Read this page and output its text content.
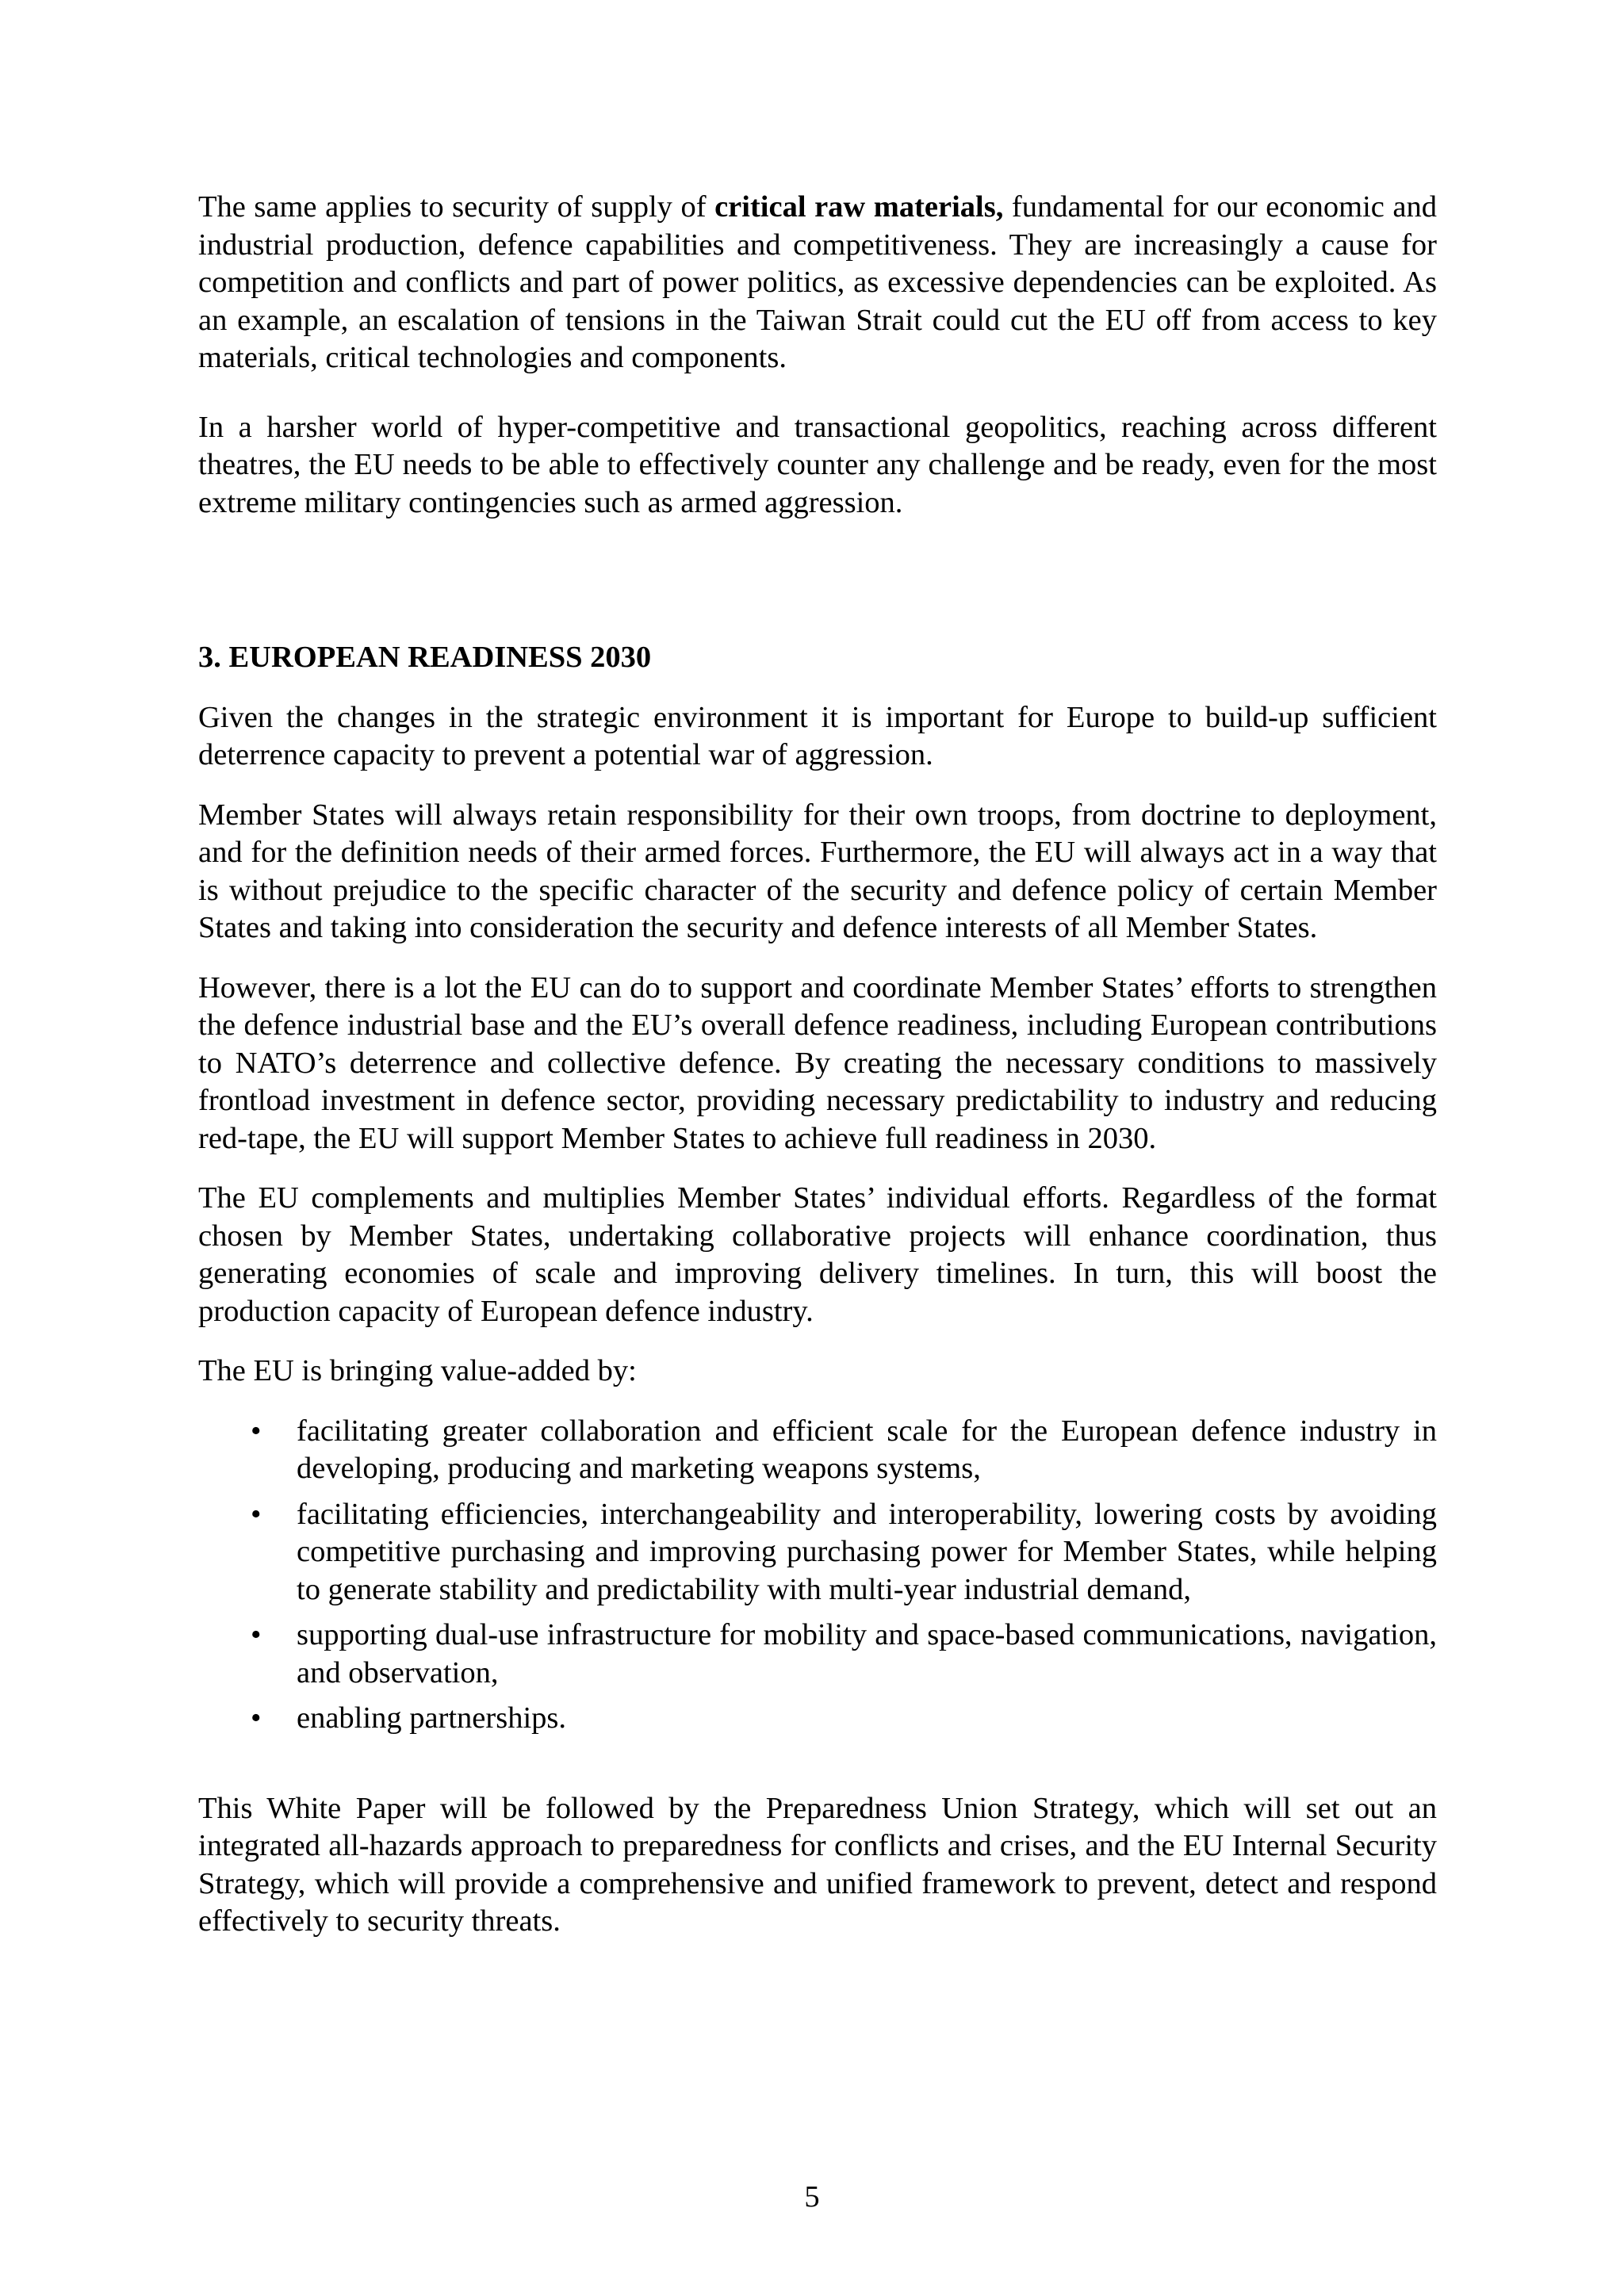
The same applies to security of supply of critical raw materials, fundamental for our economic and industrial production, defence capabilities and competitiveness. They are increasingly a cause for competition and conflicts and part of power politics, as excessive dependencies can be exploited. As an example, an escalation of tensions in the Taiwan Strait could cut the EU off from access to key materials, critical technologies and components.

In a harsher world of hyper-competitive and transactional geopolitics, reaching across different theatres, the EU needs to be able to effectively counter any challenge and be ready, even for the most extreme military contingencies such as armed aggression.

3. EUROPEAN READINESS 2030

Given the changes in the strategic environment it is important for Europe to build-up sufficient deterrence capacity to prevent a potential war of aggression.

Member States will always retain responsibility for their own troops, from doctrine to deployment, and for the definition needs of their armed forces. Furthermore, the EU will always act in a way that is without prejudice to the specific character of the security and defence policy of certain Member States and taking into consideration the security and defence interests of all Member States.

However, there is a lot the EU can do to support and coordinate Member States’ efforts to strengthen the defence industrial base and the EU’s overall defence readiness, including European contributions to NATO’s deterrence and collective defence. By creating the necessary conditions to massively frontload investment in defence sector, providing necessary predictability to industry and reducing red-tape, the EU will support Member States to achieve full readiness in 2030.

The EU complements and multiplies Member States’ individual efforts. Regardless of the format chosen by Member States, undertaking collaborative projects will enhance coordination, thus generating economies of scale and improving delivery timelines. In turn, this will boost the production capacity of European defence industry.

The EU is bringing value-added by:

• facilitating greater collaboration and efficient scale for the European defence industry in developing, producing and marketing weapons systems,
• facilitating efficiencies, interchangeability and interoperability, lowering costs by avoiding competitive purchasing and improving purchasing power for Member States, while helping to generate stability and predictability with multi-year industrial demand,
• supporting dual-use infrastructure for mobility and space-based communications, navigation, and observation,
• enabling partnerships.

This White Paper will be followed by the Preparedness Union Strategy, which will set out an integrated all-hazards approach to preparedness for conflicts and crises, and the EU Internal Security Strategy, which will provide a comprehensive and unified framework to prevent, detect and respond effectively to security threats.

5
